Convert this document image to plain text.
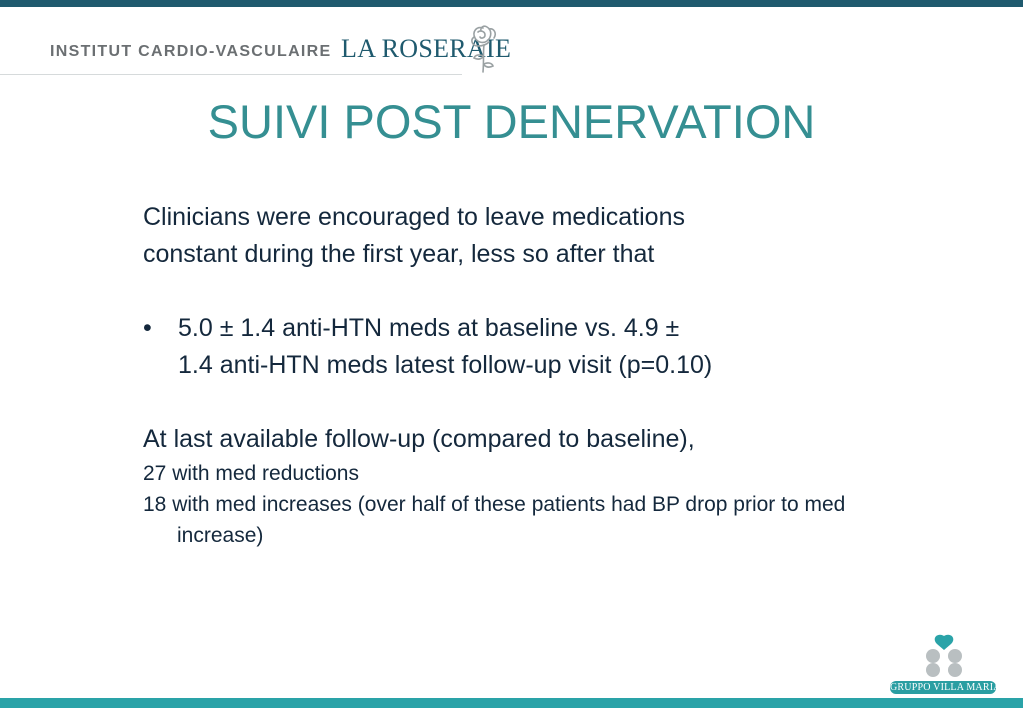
INSTITUT CARDIO-VASCULAIRE LA ROSERAIE
SUIVI POST DENERVATION

Clinicians were encouraged to leave medications

constant during the first year, less so after that

• 5.0 ± 1.4 anti-HTN meds at baseline vs. 4.9 ±

1.4 anti-HTN meds latest follow-up visit (p=0.10)

At last available follow-up (compared to baseline),

27 with med reductions

18 with med increases (over half of these patients had BP drop prior to med increase)

GRUPPO VILLA MARIA
